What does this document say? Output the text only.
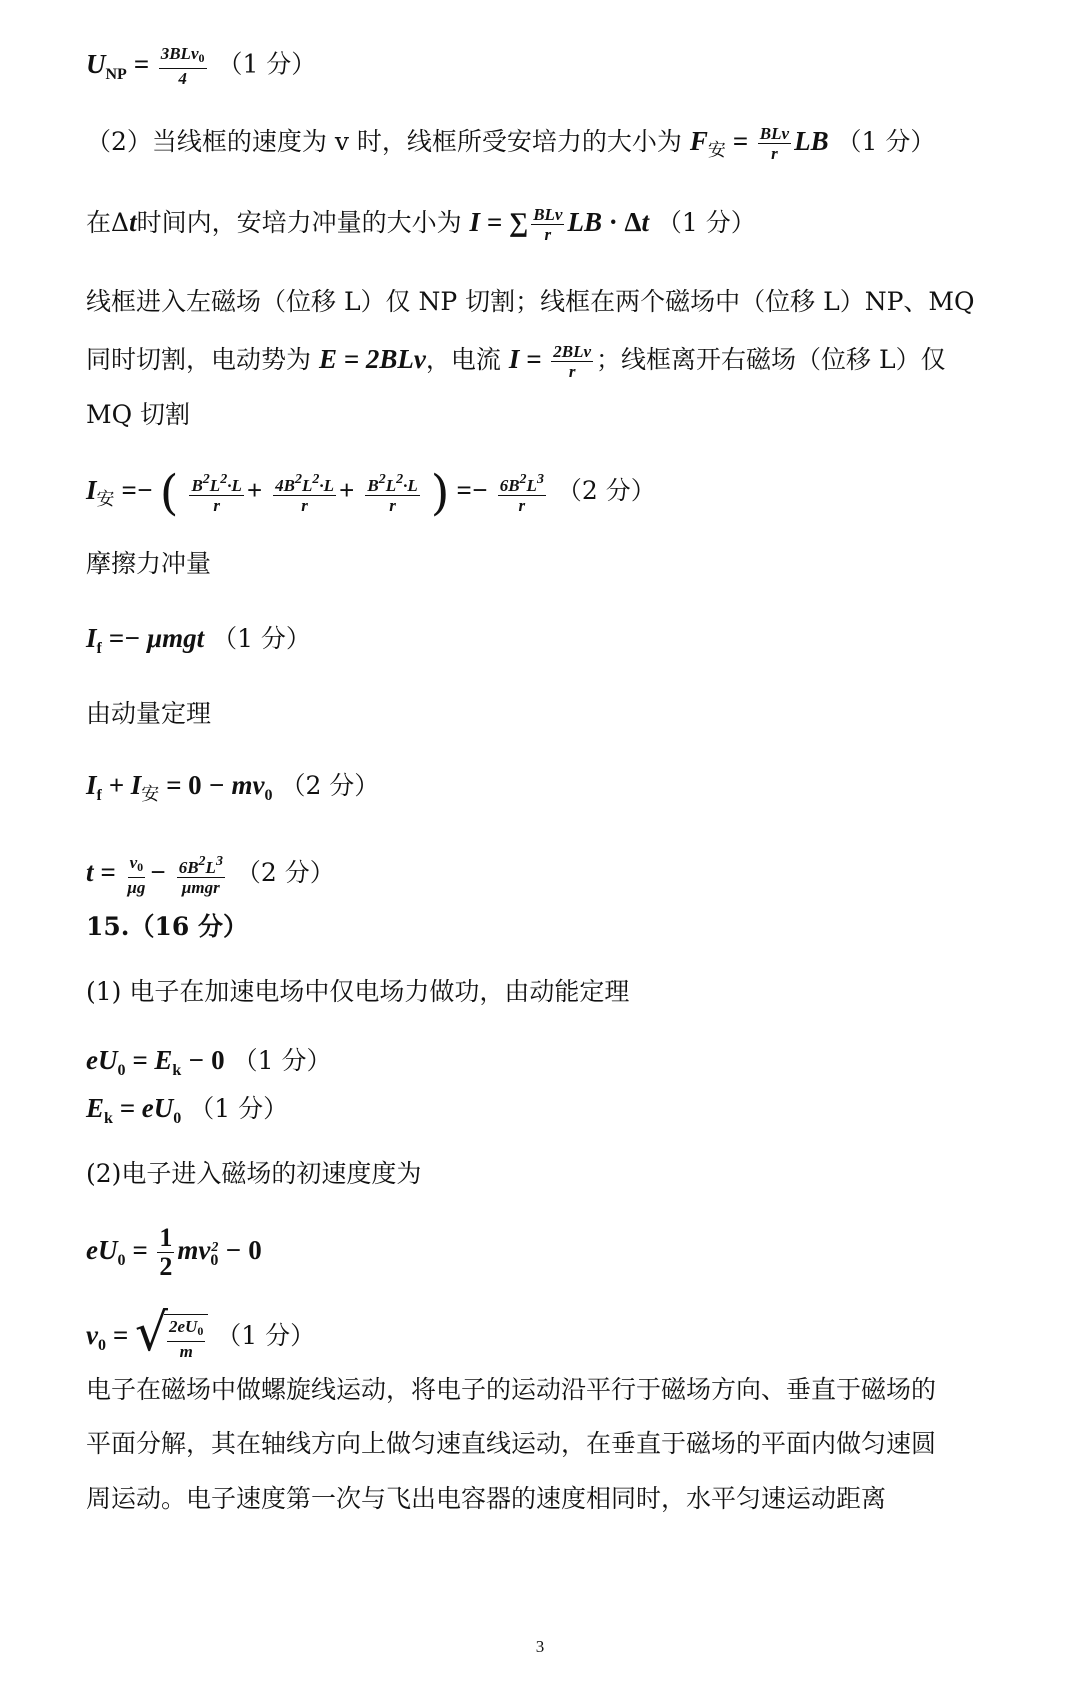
$U_{NP} = \frac{3BLv_0}{4} (1$ 分）
（2）当线框的速度为 v 时，线框所受安培力的大小为 $F_安 = \frac{\text{BLv}}{r}$ LB （1 分）
在Δt时间内，安培力冲量的大小为 I = ∑ $\frac{\text{BLv}}{r}$ LB · Δt （1 分）
线框进入左磁场（位移 L）仅 NP 切割；线框在两个磁场中（位移 L）NP、MQ
同时切割，电动势为 E = 2BLv，电流 $I = \frac{\text{2BLv}}{r}$ ；线框离开右磁场（位移 L）仅
MQ 切割
$I_安$ =− ( $\frac{B^2L^2\cdot L}{r} + \frac{4B^2L^2\cdot L}{r} + \frac{B^2L^2\cdot L}{r}$ ) =− $\frac{6B^2L^3}{r} (2$ 分）
摩擦力冲量
$I_f =- \mu mgt$ （1 分）
由动量定理
$I_f + I_安 = 0 - mv_0$ （2 分）
$t = \frac{v_0}{\mu g} - \frac{6B^2L^3}{\text{μmgr}} (2$ 分）
15.（16 分）
(1) 电子在加速电场中仅电场力做功，由动能定理
$eU_0 = E_k - 0$ （1 分）
$E_k = eU_0$ （1 分）
(2)电子进入磁场的初速度度为
$eU_0 = \frac{1}{2} mv_0^2 - 0$
$v_0$ = √ $\frac{2eU_0}{m} (1$ 分）
电子在磁场中做螺旋线运动，将电子的运动沿平行于磁场方向、垂直于磁场的
平面分解，其在轴线方向上做匀速直线运动，在垂直于磁场的平面内做匀速圆
周运动。电子速度第一次与飞出电容器的速度相同时，水平匀速运动距离
3
